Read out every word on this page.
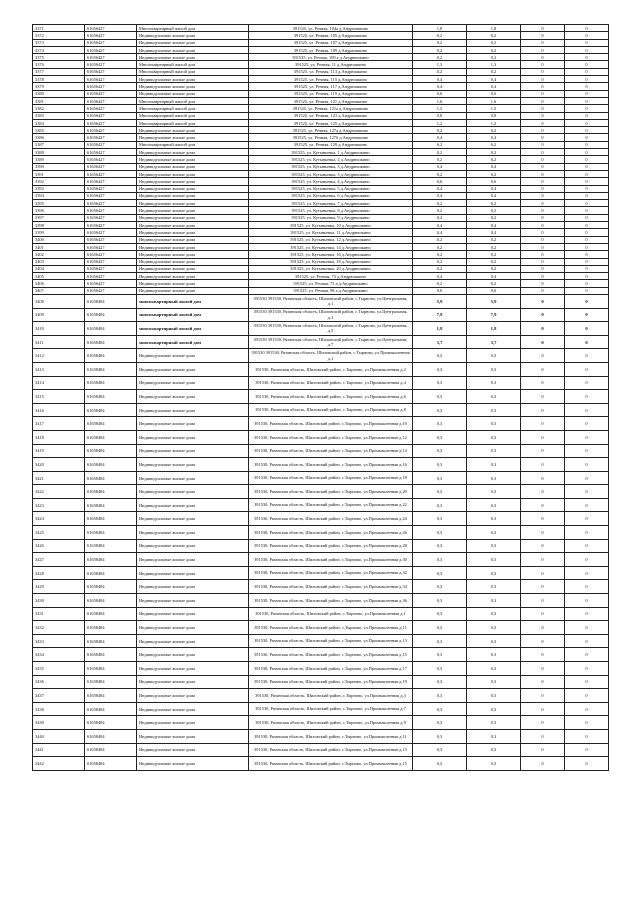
3371	61656427	Многоквартирный жилой дом	391525, ул. Речная, 104а д.Андрюшкино	1,8	1,8	0	0
3372	61656427	Индивидуальные жилые дома	391525, ул. Речная, 105 д.Андрюшкино	0,2	0,2	0	0
3373	61656427	Индивидуальные жилые дома	391525, ул. Речная, 107 д.Андрюшкино	0,2	0,2	0	0
3374	61656427	Индивидуальные жилые дома	391525, ул. Речная, 109 д.Андрюшкино	0,2	0,2	0	0
3375	61656427	Индивидуальные жилые дома	391525, ул. Речная, 109 а д.Андрюшкино	0,2	0,2	0	0
3376	61656427	Многоквартирный жилой дом	391525, ул. Речная, 11 д.Андрюшкино	1,3	1,3	0	0
3377	61656427	Многоквартирный жилой дом	391525, ул. Речная, 113 д.Андрюшкино	0,2	0,2	0	0
3378	61656427	Индивидуальные жилые дома	391525, ул. Речная, 115 д.Андрюшкино	0,4	0,4	0	0
3379	61656427	Индивидуальные жилые дома	391525, ул. Речная, 117 д.Андрюшкино	0,4	0,4	0	0
3380	61656427	Индивидуальные жилые дома	391525, ул. Речная, 119 д.Андрюшкино	0,6	0,6	0	0
3381	61656427	Многоквартирный жилой дом	391525, ул. Речная, 121 д.Андрюшкино	1,6	1,6	0	0
3382	61656427	Многоквартирный жилой дом	391525, ул. Речная, 121а д.Андрюшкино	1,5	1,5	0	0
3383	61656427	Многоквартирный жилой дом	391525, ул. Речная, 123 д.Андрюшкино	0,8	0,8	0	0
3384	61656427	Многоквартирный жилой дом	391525, ул. Речная, 125 д.Андрюшкино	1,2	1,2	0	0
3385	61656427	Индивидуальные жилые дома	391525, ул. Речная, 127а д.Андрюшкино	0,2	0,2	0	0
3386	61656427	Индивидуальные жилые дома	391525, ул. Речная, 127б д.Андрюшкино	0,4	0,4	0	0
3387	61656427	Многоквартирный жилой дом	391525, ул. Речная, 129 д.Андрюшкино	6,2	6,2	0	0
3388	61656427	Индивидуальные жилые дома	391525, ул. Кутыньевка, 1 д.Андрюшкино	0,2	0,2	0	0
3389	61656427	Индивидуальные жилые дома	391525, ул. Кутыньевка, 2 д.Андрюшкино	0,2	0,2	0	0
3390	61656427	Индивидуальные жилые дома	391525, ул. Кутыньевка, 3 д.Андрюшкино	0,4	0,4	0	0
3391	61656427	Индивидуальные жилые дома	391525, ул. Кутыньевка, 3 д.Андрюшкино	0,2	0,2	0	0
3392	61656427	Индивидуальные жилые дома	391525, ул. Кутыньевка, 4 д.Андрюшкино	0,6	0,6	0	0
3393	61656427	Индивидуальные жилые дома	391525, ул. Кутыньевка, 5 д.Андрюшкино	0,4	0,4	0	0
3394	61656427	Индивидуальные жилые дома	391525, ул. Кутыньевка, 6 д.Андрюшкино	0,4	0,4	0	0
3395	61656427	Индивидуальные жилые дома	391525, ул. Кутыньевка, 7 д.Андрюшкино	0,2	0,2	0	0
3396	61656427	Индивидуальные жилые дома	391525, ул. Кутыньевка, 8 д.Андрюшкино	0,2	0,2	0	0
3397	61656427	Индивидуальные жилые дома	391525, ул. Кутыньевка, 9 д.Андрюшкино	0,2	0,2	0	0
3398	61656427	Индивидуальные жилые дома	391525, ул. Кутыньевка, 10 д.Андрюшкино	0,4	0,4	0	0
3399	61656427	Индивидуальные жилые дома	391525, ул. Кутыньевка, 11 д.Андрюшкино	0,4	0,4	0	0
3400	61656427	Индивидуальные жилые дома	391525, ул. Кутыньевка, 12 д.Андрюшкино	0,2	0,2	0	0
3401	61656427	Индивидуальные жилые дома	391525, ул. Кутыньевка, 14 д.Андрюшкино	0,2	0,2	0	0
3402	61656427	Индивидуальные жилые дома	391525, ул. Кутыньевка, 16 д.Андрюшкино	0,2	0,2	0	0
3403	61656427	Индивидуальные жилые дома	391525, ул. Кутыньевка, 18 д.Андрюшкино	0,2	0,2	0	0
3404	61656427	Индивидуальные жилые дома	391525, ул. Кутыньевка, 20 д.Андрюшкино	0,2	0,2	0	0
3405	61656427	Индивидуальные жилые дома	391525, ул. Речная, 73 д.Андрюшкино	0,4	0,4	0	0
3406	61656427	Индивидуальные жилые дома	391525, ул. Речная, 73 а д.Андрюшкино	0,2	0,2	0	0
3407	61656427	Индивидуальные жилые дома	391525, ул. Речная, 98 а д.Андрюшкино	0,6	0,6	0	0
3408	61658484	многоквартирный жилой дом	391530 391530, Рязанская область, Шиловский район, с.Тырново, ул.Центральная, д.1	5,9	5,9	0	0
3409	61658484	многоквартирный жилой дом	391530 391530, Рязанская область, Шиловский район, с.Тырново, ул.Центральная, д.3	7,9	7,9	0	0
3410	61658484	многоквартирный жилой дом	391530 391530, Рязанская область, Шиловский район, с.Тырново, ул.Центральная, д.5	1,8	1,8	0	0
3411	61658484	многоквартирный жилой дом	391530 391530, Рязанская область, Шиловский район, с.Тырново, ул.Центральная, д.7	3,7	3,7	0	0
3412	61658484	Индивидуальные жилые дома	391530 391530, Рязанская область, Шиловский район, с.Тырново, ул.Промышленная д.1	0,3	0,3	0	0
3413	61658484	Индивидуальные жилые дома	391530, Рязанская область, Шиловский район, с.Тырново, ул.Промышленная д.2	0,3	0,3	0	0
3414	61658484	Индивидуальные жилые дома	391530, Рязанская область, Шиловский район, с.Тырново, ул.Промышленная д.4	0,3	0,3	0	0
3415	61658484	Индивидуальные жилые дома	391530, Рязанская область, Шиловский район, с.Тырново, ул.Промышленная д.6	0,3	0,3	0	0
3416	61658484	Индивидуальные жилые дома	391530, Рязанская область, Шиловский район, с.Тырново, ул.Промышленная д.8	0,3	0,3	0	0
3417	61658484	Индивидуальные жилые дома	391530, Рязанская область, Шиловский район, с.Тырново, ул.Промышленная д.10	0,3	0,3	0	0
3418	61658484	Индивидуальные жилые дома	391530, Рязанская область, Шиловский район, с.Тырново, ул.Промышленная д.12	0,3	0,3	0	0
3419	61658484	Индивидуальные жилые дома	391530, Рязанская область, Шиловский район, с.Тырново, ул.Промышленная д.14	0,3	0,3	0	0
3420	61658484	Индивидуальные жилые дома	391530, Рязанская область, Шиловский район, с.Тырново, ул.Промышленная д.16	0,3	0,3	0	0
3421	61658484	Индивидуальные жилые дома	391530, Рязанская область, Шиловский район, с.Тырново, ул.Промышленная д.18	0,3	0,3	0	0
3422	61658484	Индивидуальные жилые дома	391530, Рязанская область, Шиловский район, с.Тырново, ул.Промышленная д.20	0,3	0,3	0	0
3423	61658484	Индивидуальные жилые дома	391530, Рязанская область, Шиловский район, с.Тырново, ул.Промышленная д.22	0,3	0,3	0	0
3424	61658484	Индивидуальные жилые дома	391530, Рязанская область, Шиловский район, с.Тырново, ул.Промышленная д.24	0,3	0,3	0	0
3425	61658484	Индивидуальные жилые дома	391530, Рязанская область, Шиловский район, с.Тырново, ул.Промышленная д.26	0,3	0,3	0	0
3426	61658484	Индивидуальные жилые дома	391530, Рязанская область, Шиловский район, с.Тырново, ул.Промышленная д.28	0,3	0,3	0	0
3427	61658484	Индивидуальные жилые дома	391530, Рязанская область, Шиловский район, с.Тырново, ул.Промышленная д.30	0,3	0,3	0	0
3428	61658484	Индивидуальные жилые дома	391530, Рязанская область, Шиловский район, с.Тырново, ул.Промышленная д.32	0,3	0,3	0	0
3429	61658484	Индивидуальные жилые дома	391530, Рязанская область, Шиловский район, с.Тырново, ул.Промышленная д.34	0,3	0,3	0	0
3430	61658484	Индивидуальные жилые дома	391530, Рязанская область, Шиловский район, с.Тырново, ул.Промышленная д.36	0,3	0,3	0	0
3431	61658484	Индивидуальные жилые дома	391530, Рязанская область, Шиловский район, с.Тырново, ул.Промышленная д.1	0,3	0,3	0	0
3432	61658484	Индивидуальные жилые дома	391530, Рязанская область, Шиловский район, с.Тырново, ул.Промышленная д.11	0,3	0,3	0	0
3433	61658484	Индивидуальные жилые дома	391530, Рязанская область, Шиловский район, с.Тырново, ул.Промышленная д.13	0,3	0,3	0	0
3434	61658484	Индивидуальные жилые дома	391530, Рязанская область, Шиловский район, с.Тырново, ул.Промышленная д.15	0,3	0,3	0	0
3435	61658484	Индивидуальные жилые дома	391530, Рязанская область, Шиловский район, с.Тырново, ул.Промышленная д.17	0,3	0,3	0	0
3436	61658484	Индивидуальные жилые дома	391530, Рязанская область, Шиловский район, с.Тырново, ул.Промышленная д.19	0,3	0,3	0	0
3437	61658484	Индивидуальные жилые дома	391530, Рязанская область, Шиловский район, с.Тырново, ул.Промышленная д.3	0,3	0,3	0	0
3438	61658484	Индивидуальные жилые дома	391530, Рязанская область, Шиловский район, с.Тырново, ул.Промышленная д.7	0,3	0,3	0	0
3439	61658484	Индивидуальные жилые дома	391530, Рязанская область, Шиловский район, с.Тырново, ул.Промышленная д.9	0,3	0,3	0	0
3440	61658484	Индивидуальные жилые дома	391530, Рязанская область, Шиловский район, с.Тырново, ул.Промышленная д.11	0,3	0,3	0	0
3441	61658484	Индивидуальные жилые дома	391530, Рязанская область, Шиловский район, с.Тырново, ул.Промышленная д.13	0,3	0,3	0	0
3442	61658484	Индивидуальные жилые дома	391530, Рязанская область, Шиловский район, с.Тырново, ул.Промышленная д.15	0,3	0,3	0	0
